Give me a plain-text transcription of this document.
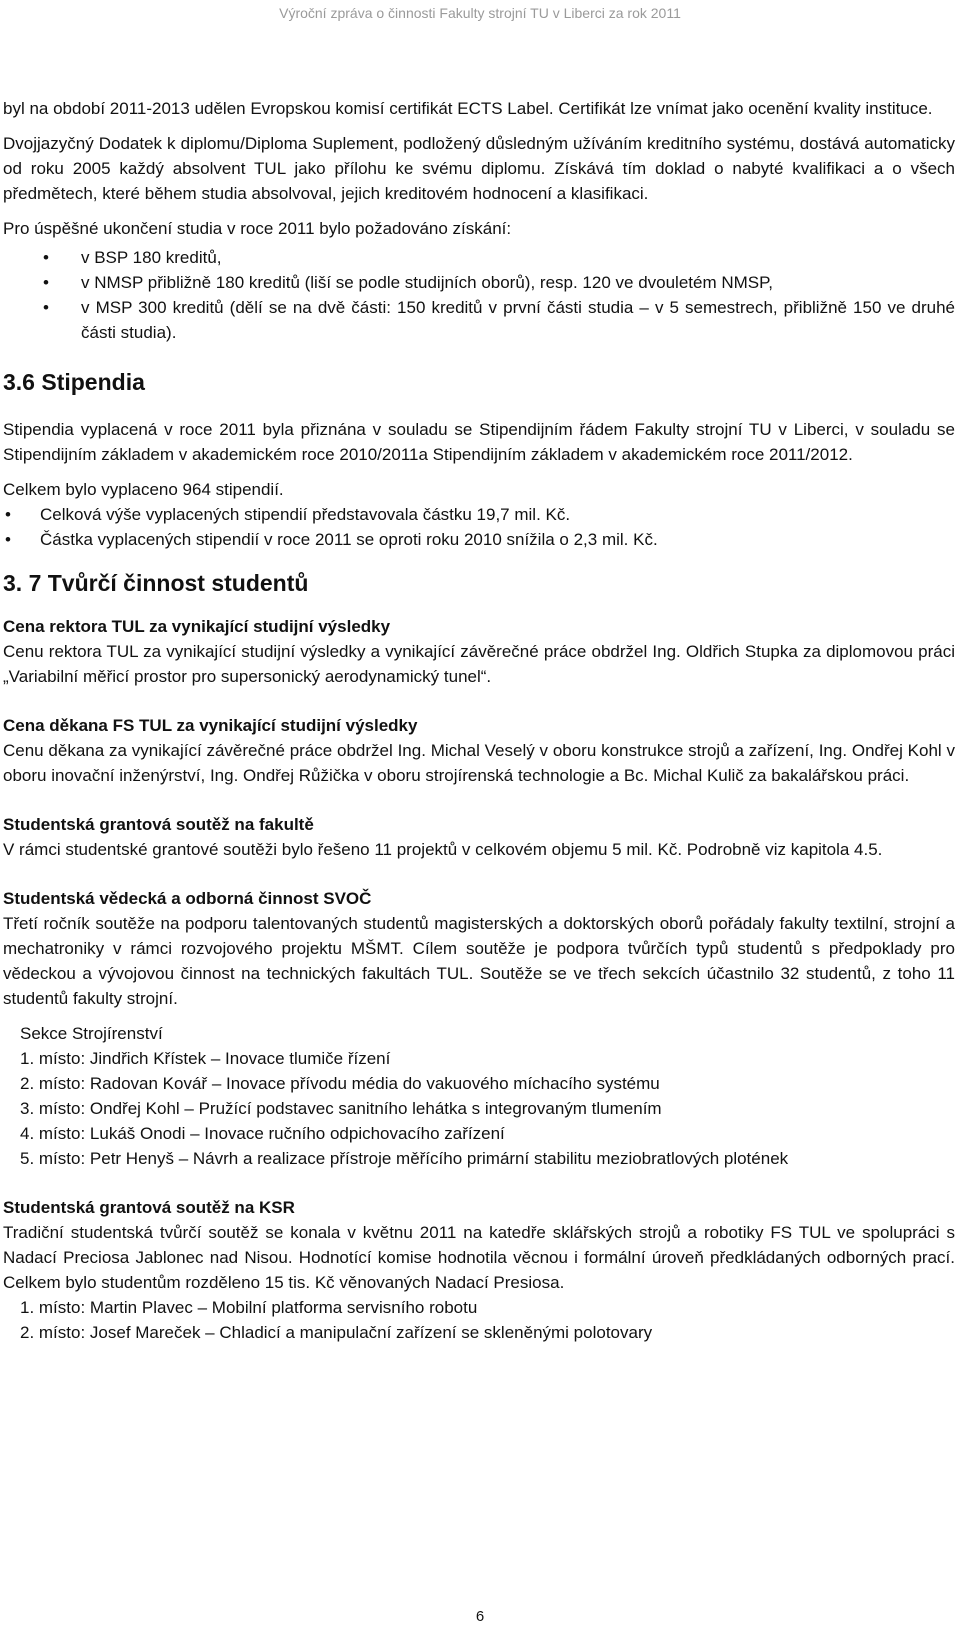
Výroční zpráva o činnosti Fakulty strojní TU v Liberci za rok 2011

byl na období 2011-2013 udělen Evropskou komisí certifikát ECTS Label. Certifikát lze vnímat jako ocenění kvality instituce.

Dvojjazyčný Dodatek k diplomu/Diploma Suplement, podložený důsledným užíváním kreditního systému, dostává automaticky od roku 2005 každý absolvent TUL jako přílohu ke svému diplomu. Získává tím doklad o nabyté kvalifikaci a o všech předmětech, které během studia absolvoval, jejich kreditovém hodnocení a klasifikaci.

Pro úspěšné ukončení studia v roce 2011 bylo požadováno získání:

• v BSP 180 kreditů,
• v NMSP přibližně 180 kreditů (liší se podle studijních oborů), resp. 120 ve dvouletém NMSP,
• v MSP 300 kreditů (dělí se na dvě části: 150 kreditů v první části studia – v 5 semestrech, přibližně 150 ve druhé části studia).
3.6 Stipendia

Stipendia vyplacená v roce 2011 byla přiznána v souladu se Stipendijním řádem Fakulty strojní TU v Liberci, v souladu se Stipendijním základem v akademickém roce 2010/2011a Stipendijním základem v akademickém roce 2011/2012.

Celkem bylo vyplaceno 964 stipendií.

• Celková výše vyplacených stipendií představovala částku 19,7 mil. Kč.
• Částka vyplacených stipendií v roce 2011 se oproti roku 2010 snížila o 2,3 mil. Kč.
3. 7 Tvůrčí činnost studentů
Cena rektora TUL za vynikající studijní výsledky

Cenu rektora TUL za vynikající studijní výsledky a vynikající závěrečné práce obdržel Ing. Oldřich Stupka za diplomovou práci „Variabilní měřicí prostor pro supersonický aerodynamický tunel“.

Cena děkana FS TUL za vynikající studijní výsledky

Cenu děkana za vynikající závěrečné práce obdržel Ing. Michal Veselý v oboru konstrukce strojů a zařízení, Ing. Ondřej Kohl v oboru inovační inženýrství, Ing. Ondřej Růžička v oboru strojírenská technologie a Bc. Michal Kulič za bakalářskou práci.

Studentská grantová soutěž na fakultě

V rámci studentské grantové soutěži bylo řešeno 11 projektů v celkovém objemu 5 mil. Kč. Podrobně viz kapitola 4.5.

Studentská vědecká a odborná činnost SVOČ

Třetí ročník soutěže na podporu talentovaných studentů magisterských a doktorských oborů pořádaly fakulty textilní, strojní a mechatroniky v rámci rozvojového projektu MŠMT. Cílem soutěže je podpora tvůrčích typů studentů s předpoklady pro vědeckou a vývojovou činnost na technických fakultách TUL. Soutěže se ve třech sekcích účastnilo 32 studentů, z toho 11 studentů fakulty strojní.

Sekce Strojírenství
1. místo: Jindřich Křístek – Inovace tlumiče řízení
2. místo: Radovan Kovář – Inovace přívodu média do vakuového míchacího systému
3. místo: Ondřej Kohl – Pružící podstavec sanitního lehátka s integrovaným tlumením
4. místo: Lukáš Onodi – Inovace ručního odpichovacího zařízení
5. místo: Petr Henyš – Návrh a realizace přístroje měřícího primární stabilitu meziobratlových plotének
Studentská grantová soutěž na KSR

Tradiční studentská tvůrčí soutěž se konala v květnu 2011 na katedře sklářských strojů a robotiky FS TUL ve spolupráci s Nadací Preciosa Jablonec nad Nisou. Hodnotící komise hodnotila věcnou i formální úroveň předkládaných odborných prací. Celkem bylo studentům rozděleno 15 tis. Kč věnovaných Nadací Presiosa.

1. místo: Martin Plavec – Mobilní platforma servisního robotu
2. místo: Josef Mareček – Chladicí a manipulační zařízení se skleněnými polotovary
6
